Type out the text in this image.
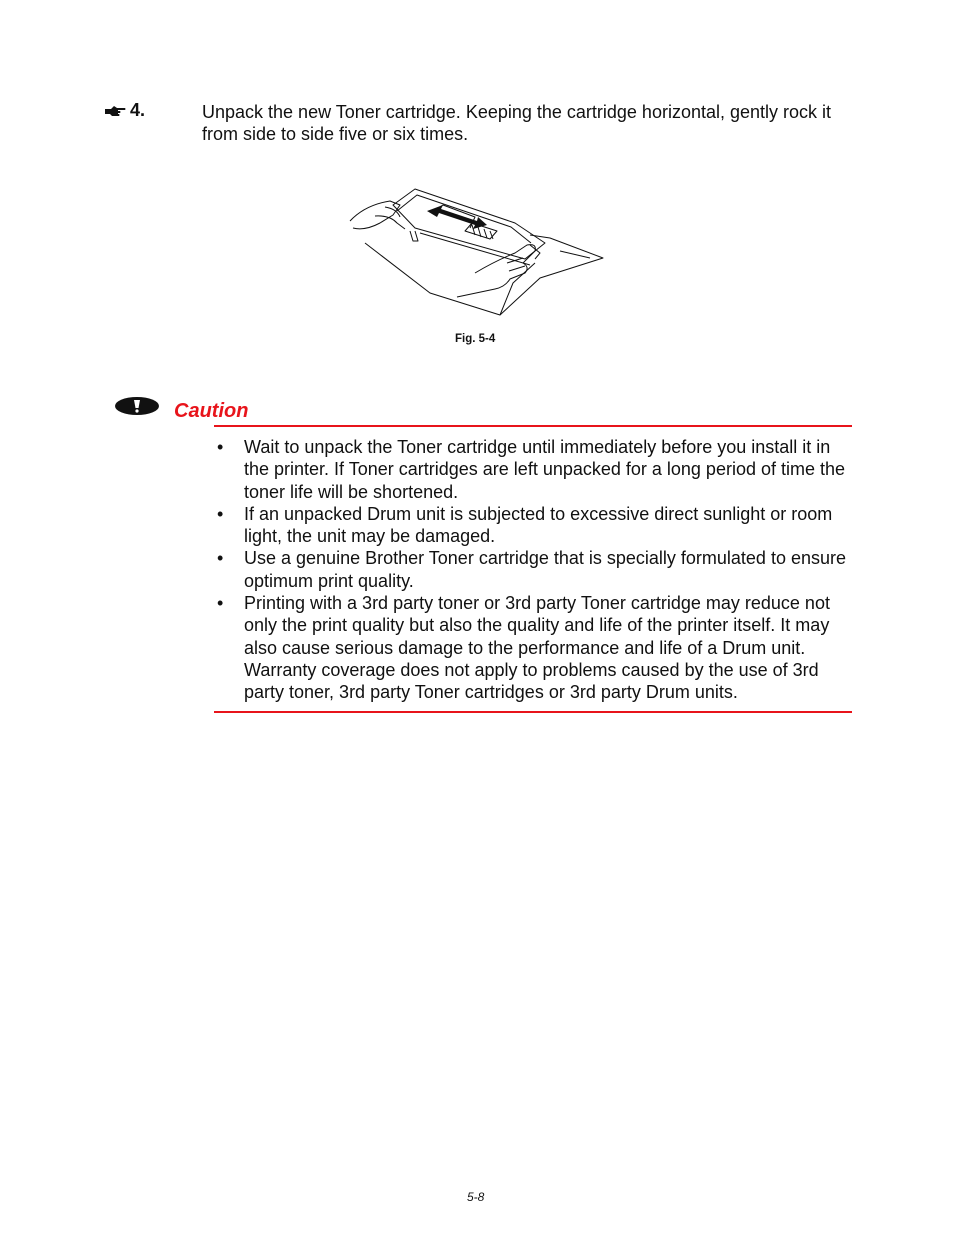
4.	Unpack the new Toner cartridge. Keeping the cartridge horizontal, gently rock it from side to side five or six times.
Fig. 5-4
Caution
• Wait to unpack the Toner cartridge until immediately before you install it in the printer. If Toner cartridges are left unpacked for a long period of time the toner life will be shortened.
• If an unpacked Drum unit is subjected to excessive direct sunlight or room light, the unit may be damaged.
• Use a genuine Brother Toner cartridge that is specially formulated to ensure optimum print quality.
• Printing with a 3rd party toner or 3rd party Toner cartridge may reduce not only the print quality but also the quality and life of the printer itself. It may also cause serious damage to the performance and life of a Drum unit. Warranty coverage does not apply to problems caused by the use of 3rd party toner, 3rd party Toner cartridges or 3rd party Drum units.
5-8
